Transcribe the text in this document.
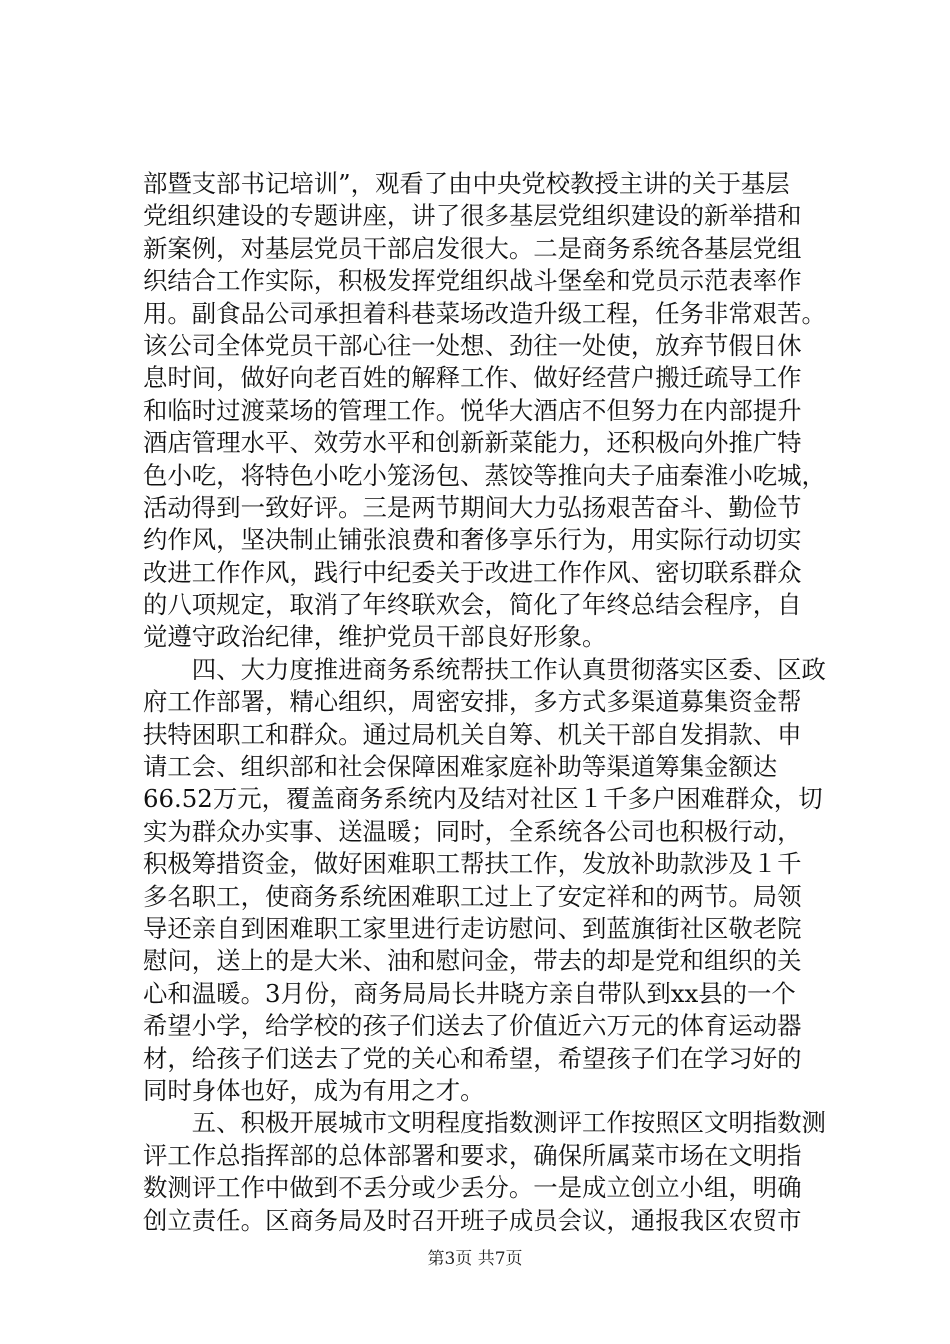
部暨支部书记培训”，观看了由中央党校教授主讲的关于基层
党组织建设的专题讲座，讲了很多基层党组织建设的新举措和
新案例，对基层党员干部启发很大。二是商务系统各基层党组
织结合工作实际，积极发挥党组织战斗堡垒和党员示范表率作
用。副食品公司承担着科巷菜场改造升级工程，任务非常艰苦。
该公司全体党员干部心往一处想、劲往一处使，放弃节假日休
息时间，做好向老百姓的解释工作、做好经营户搬迁疏导工作
和临时过渡菜场的管理工作。悦华大酒店不但努力在内部提升
酒店管理水平、效劳水平和创新新菜能力，还积极向外推广特
色小吃，将特色小吃小笼汤包、蒸饺等推向夫子庙秦淮小吃城，
活动得到一致好评。三是两节期间大力弘扬艰苦奋斗、勤俭节
约作风，坚决制止铺张浪费和奢侈享乐行为，用实际行动切实
改进工作作风，践行中纪委关于改进工作作风、密切联系群众
的八项规定，取消了年终联欢会，简化了年终总结会程序，自
觉遵守政治纪律，维护党员干部良好形象。
　　四、大力度推进商务系统帮扶工作认真贯彻落实区委、区政
府工作部署，精心组织，周密安排，多方式多渠道募集资金帮
扶特困职工和群众。通过局机关自筹、机关干部自发捐款、申
请工会、组织部和社会保障困难家庭补助等渠道筹集金额达
66.52万元，覆盖商务系统内及结对社区１千多户困难群众，切
实为群众办实事、送温暖；同时，全系统各公司也积极行动，
积极筹措资金，做好困难职工帮扶工作，发放补助款涉及１千
多名职工，使商务系统困难职工过上了安定祥和的两节。局领
导还亲自到困难职工家里进行走访慰问、到蓝旗街社区敬老院
慰问，送上的是大米、油和慰问金，带去的却是党和组织的关
心和温暖。3月份，商务局局长井晓方亲自带队到xx县的一个
希望小学，给学校的孩子们送去了价值近六万元的体育运动器
材，给孩子们送去了党的关心和希望，希望孩子们在学习好的
同时身体也好，成为有用之才。
　　五、积极开展城市文明程度指数测评工作按照区文明指数测
评工作总指挥部的总体部署和要求，确保所属菜市场在文明指
数测评工作中做到不丢分或少丢分。一是成立创立小组，明确
创立责任。区商务局及时召开班子成员会议，通报我区农贸市
第3页 共7页
